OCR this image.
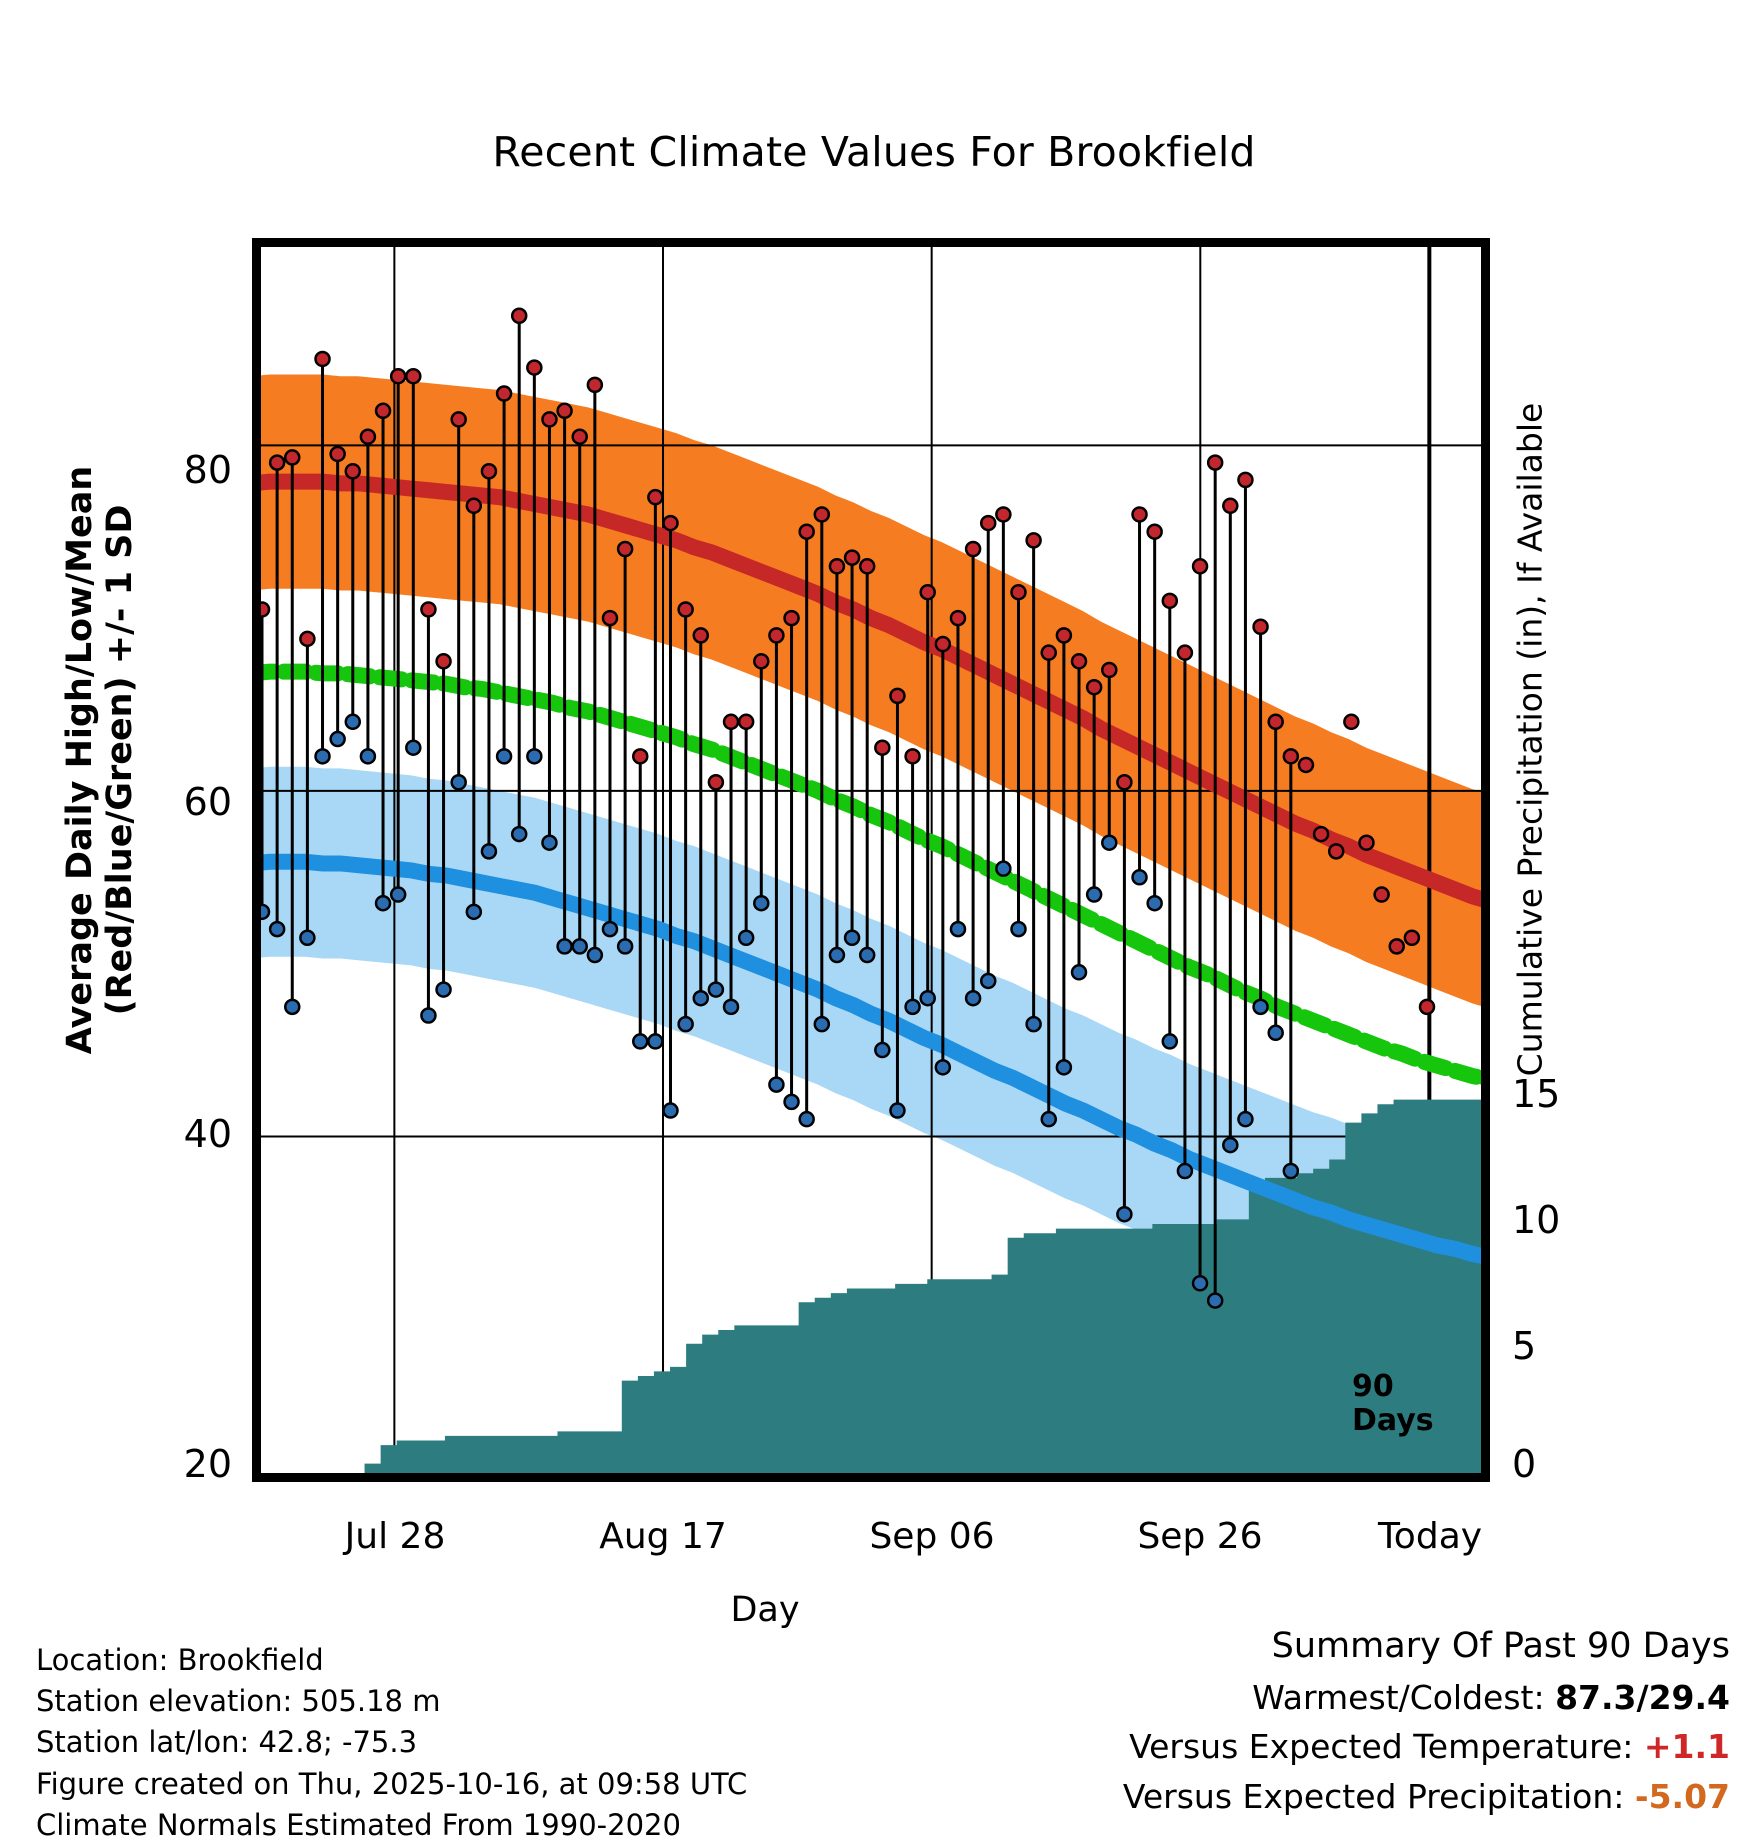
Recent Climate Values For Brookfield
Average Daily High/Low/Mean (Red/Blue/Green) +/- 1 SD	Cumulative Precipitation (in), If Available
Day
20
40
60
80
0
5
10
15
Jul 28	Aug 17	Sep 06	Sep 26	Today
90
Days
Location: Brookfield
Station elevation: 505.18 m
Station lat/lon: 42.8; -75.3
Figure created on Thu, 2025-10-16, at 09:58 UTC
Climate Normals Estimated From 1990-2020
Summary Of Past 90 Days
Warmest/Coldest: 87.3/29.4
Versus Expected Temperature: +1.1
Versus Expected Precipitation: -5.07
